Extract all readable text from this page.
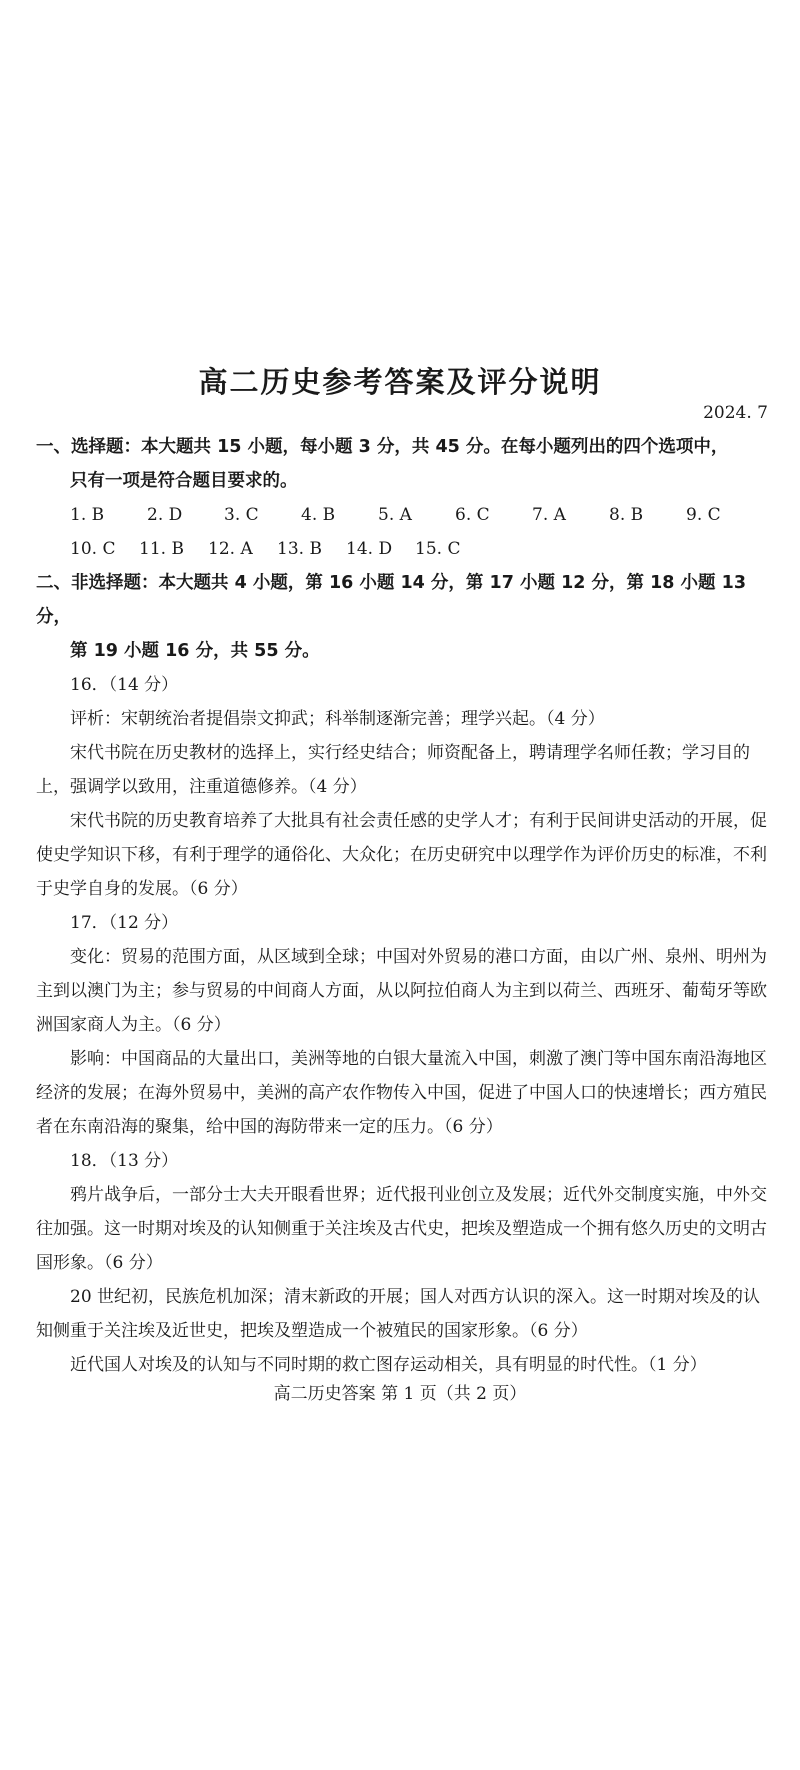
高二历史参考答案及评分说明
2024. 7
一、选择题：本大题共 15 小题，每小题 3 分，共 45 分。在每小题列出的四个选项中，
只有一项是符合题目要求的。
1. B	2. D	3. C	4. B	5. A	6. C	7. A	8. B	9. C
10. C	11. B	12. A	13. B	14. D	15. C
二、非选择题：本大题共 4 小题，第 16 小题 14 分，第 17 小题 12 分，第 18 小题 13 分，
第 19 小题 16 分，共 55 分。
16．（14 分）
评析：宋朝统治者提倡崇文抑武；科举制逐渐完善；理学兴起。（4 分）
宋代书院在历史教材的选择上，实行经史结合；师资配备上，聘请理学名师任教；学习目的上，强调学以致用，注重道德修养。（4 分）
宋代书院的历史教育培养了大批具有社会责任感的史学人才；有利于民间讲史活动的开展，促使史学知识下移，有利于理学的通俗化、大众化；在历史研究中以理学作为评价历史的标准，不利于史学自身的发展。（6 分）
17．（12 分）
变化：贸易的范围方面，从区域到全球；中国对外贸易的港口方面，由以广州、泉州、明州为主到以澳门为主；参与贸易的中间商人方面，从以阿拉伯商人为主到以荷兰、西班牙、葡萄牙等欧洲国家商人为主。（6 分）
影响：中国商品的大量出口，美洲等地的白银大量流入中国，刺激了澳门等中国东南沿海地区经济的发展；在海外贸易中，美洲的高产农作物传入中国，促进了中国人口的快速增长；西方殖民者在东南沿海的聚集，给中国的海防带来一定的压力。（6 分）
18．（13 分）
鸦片战争后，一部分士大夫开眼看世界；近代报刊业创立及发展；近代外交制度实施，中外交往加强。这一时期对埃及的认知侧重于关注埃及古代史，把埃及塑造成一个拥有悠久历史的文明古国形象。（6 分）
20 世纪初，民族危机加深；清末新政的开展；国人对西方认识的深入。这一时期对埃及的认知侧重于关注埃及近世史，把埃及塑造成一个被殖民的国家形象。（6 分）
近代国人对埃及的认知与不同时期的救亡图存运动相关，具有明显的时代性。（1 分）
高二历史答案 第 1 页（共 2 页）
